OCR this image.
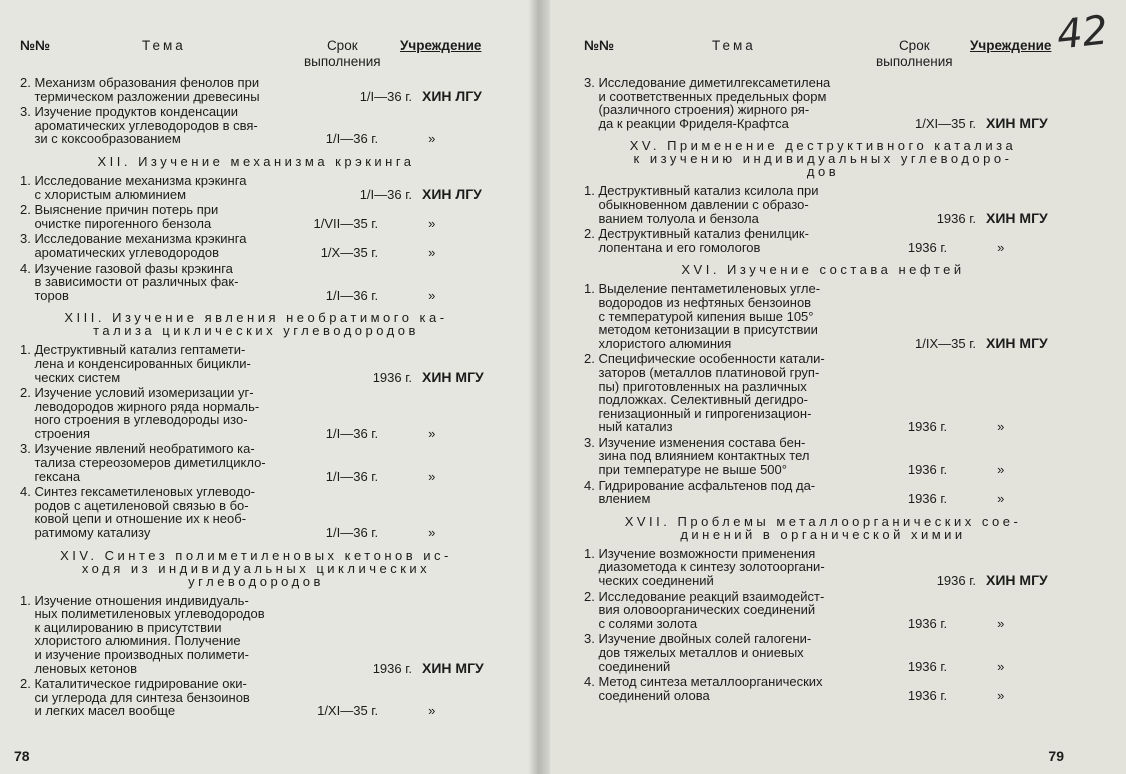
№№	Тема	Срок
выполнения
Учреждение
2. Механизм образования фенолов при
термическом разложении древесины	1/I—36 г. ХИН ЛГУ
3. Изучение продуктов конденсации
ароматических углеводородов в свя-
зи с коксообразованием	1/I—36 г.	»
XII. Изучение механизма крэкинга
1. Исследование механизма крэкинга
с хлористым алюминием	1/I—36 г. ХИН ЛГУ
2. Выяснение причин потерь при
очистке пирогенного бензола	1/VII—35 г.	»
3. Исследование механизма крэкинга
ароматических углеводородов	1/X—35 г.	»
4. Изучение газовой фазы крэкинга
в зависимости от различных фак-
торов	1/I—36 г.	»
XIII. Изучение явления необратимого ка-
тализа циклических углеводородов
1. Деструктивный катализ гептамети-
лена и конденсированных бицикли-
ческих систем	1936 г. ХИН МГУ
2. Изучение условий изомеризации уг-
леводородов жирного ряда нормаль-
ного строения в углеводороды изо-
строения	1/I—36 г.	»
3. Изучение явлений необратимого ка-
тализа стереозомеров диметилцикло-
гексана	1/I—36 г.	»
4. Синтез гексаметиленовых углеводо-
родов с ацетиленовой связью в бо-
ковой цепи и отношение их к необ-
ратимому катализу	1/I—36 г.	»
XIV. Синтез полиметиленовых кетонов ис-
ходя из индивидуальных циклических
углеводородов
1. Изучение отношения индивидуаль-
ных полиметиленовых углеводородов
к ацилированию в присутствии
хлористого алюминия. Получение
и изучение производных полимети-
леновых кетонов	1936 г. ХИН МГУ
2. Каталитическое гидрирование оки-
си углерода для синтеза бензоинов
и легких масел вообще	1/XI—35 г.	»
78
№№	Тема	Срок
выполнения
Учреждение
3. Исследование диметилгексаметилена
и соответственных предельных форм
(различного строения) жирного ря-
да к реакции Фриделя-Крафтса	1/XI—35 г. ХИН МГУ
XV. Применение деструктивного катализа
к изучению индивидуальных углеводоро-
дов
1. Деструктивный катализ ксилола при
обыкновенном давлении с образо-
ванием толуола и бензола	1936 г. ХИН МГУ
2. Деструктивный катализ фенилцик-
лопентана и его гомологов	1936 г.	»
XVI. Изучение состава нефтей
1. Выделение пентаметиленовых угле-
водородов из нефтяных бензоинов
с температурой кипения выше 105°
методом кетонизации в присутствии
хлористого алюминия	1/IX—35 г. ХИН МГУ
2. Специфические особенности катали-
заторов (металлов платиновой груп-
пы) приготовленных на различных
подложках. Селективный дегидро-
генизационный и гипрогенизацион-
ный катализ	1936 г.	»
3. Изучение изменения состава бен-
зина под влиянием контактных тел
при температуре не выше 500°	1936 г.	»
4. Гидрирование асфальтенов под да-
влением	1936 г.	»
XVII. Проблемы металлоорганических сое-
динений в органической химии
1. Изучение возможности применения
диазометода к синтезу золотооргани-
ческих соединений	1936 г. ХИН МГУ
2. Исследование реакций взаимодейст-
вия оловоорганических соединений
с солями золота	1936 г.	»
3. Изучение двойных солей галогени-
дов тяжелых металлов и ониевых
соединений	1936 г.	»
4. Метод синтеза металлоорганических
соединений олова	1936 г.	»
42
79
